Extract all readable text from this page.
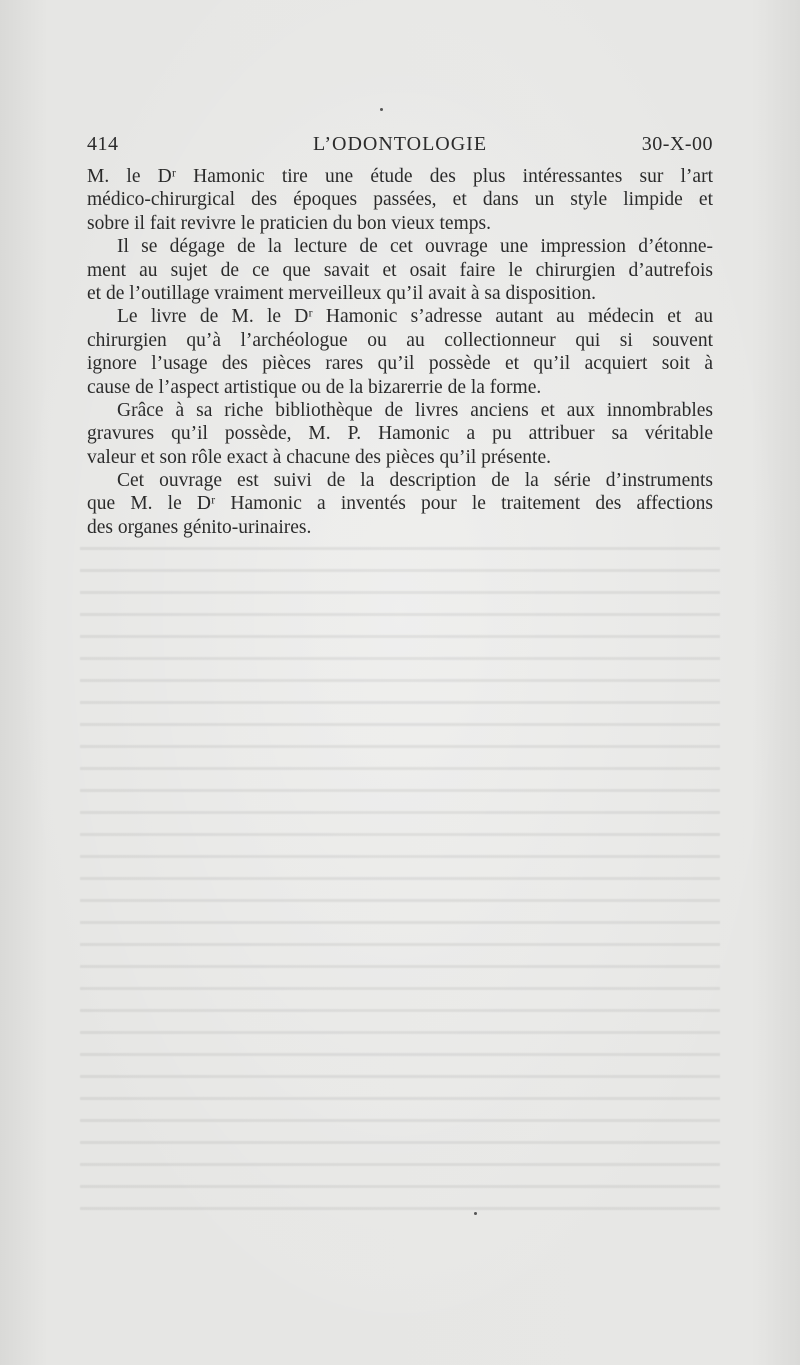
414	L’ODONTOLOGIE	30-X-00

M. le Dʳ Hamonic tire une étude des plus intéressantes sur l’art
médico-chirurgical des époques passées, et dans un style limpide et
sobre il fait revivre le praticien du bon vieux temps.

Il se dégage de la lecture de cet ouvrage une impression d’étonne-
ment au sujet de ce que savait et osait faire le chirurgien d’autrefois
et de l’outillage vraiment merveilleux qu’il avait à sa disposition.

Le livre de M. le Dʳ Hamonic s’adresse autant au médecin et au
chirurgien qu’à l’archéologue ou au collectionneur qui si souvent
ignore l’usage des pièces rares qu’il possède et qu’il acquiert soit à
cause de l’aspect artistique ou de la bizarerrie de la forme.

Grâce à sa riche bibliothèque de livres anciens et aux innombrables
gravures qu’il possède, M. P. Hamonic a pu attribuer sa véritable
valeur et son rôle exact à chacune des pièces qu’il présente.

Cet ouvrage est suivi de la description de la série d’instruments
que M. le Dʳ Hamonic a inventés pour le traitement des affections
des organes génito-urinaires.
